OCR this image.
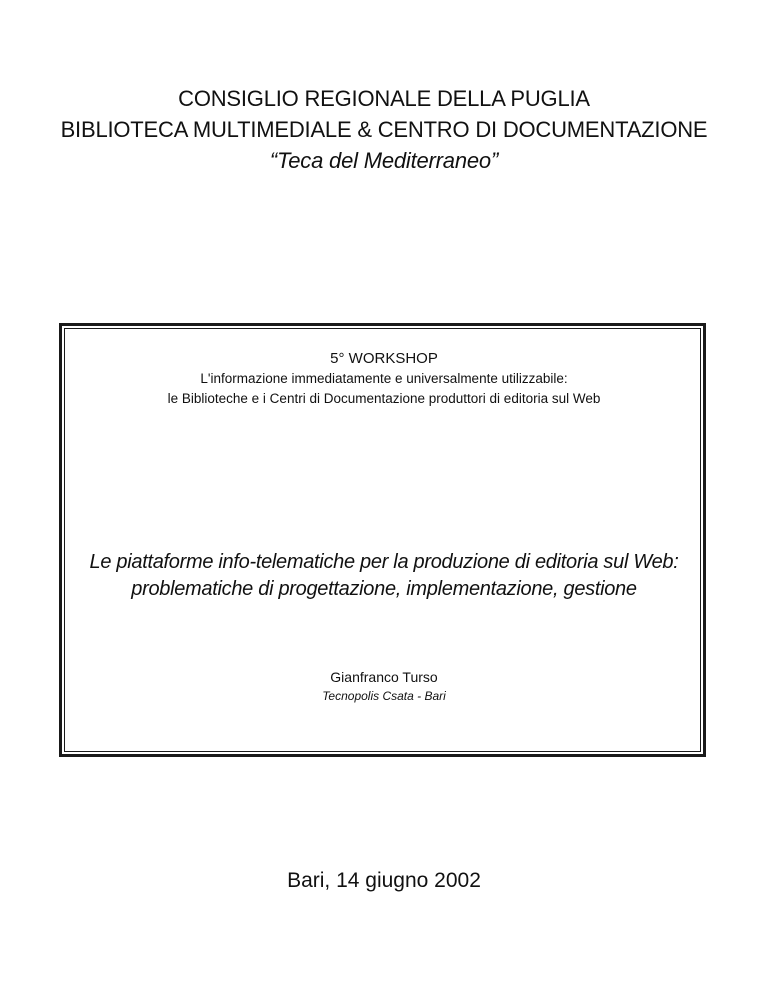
CONSIGLIO REGIONALE DELLA PUGLIA
BIBLIOTECA MULTIMEDIALE & CENTRO DI DOCUMENTAZIONE
“Teca del Mediterraneo”
5° WORKSHOP
L'informazione immediatamente e universalmente utilizzabile:
le Biblioteche e i Centri di Documentazione produttori di editoria sul Web
Le piattaforme info-telematiche per la produzione di editoria sul Web:
problematiche di progettazione, implementazione, gestione
Gianfranco Turso
Tecnopolis Csata - Bari
Bari, 14 giugno 2002
